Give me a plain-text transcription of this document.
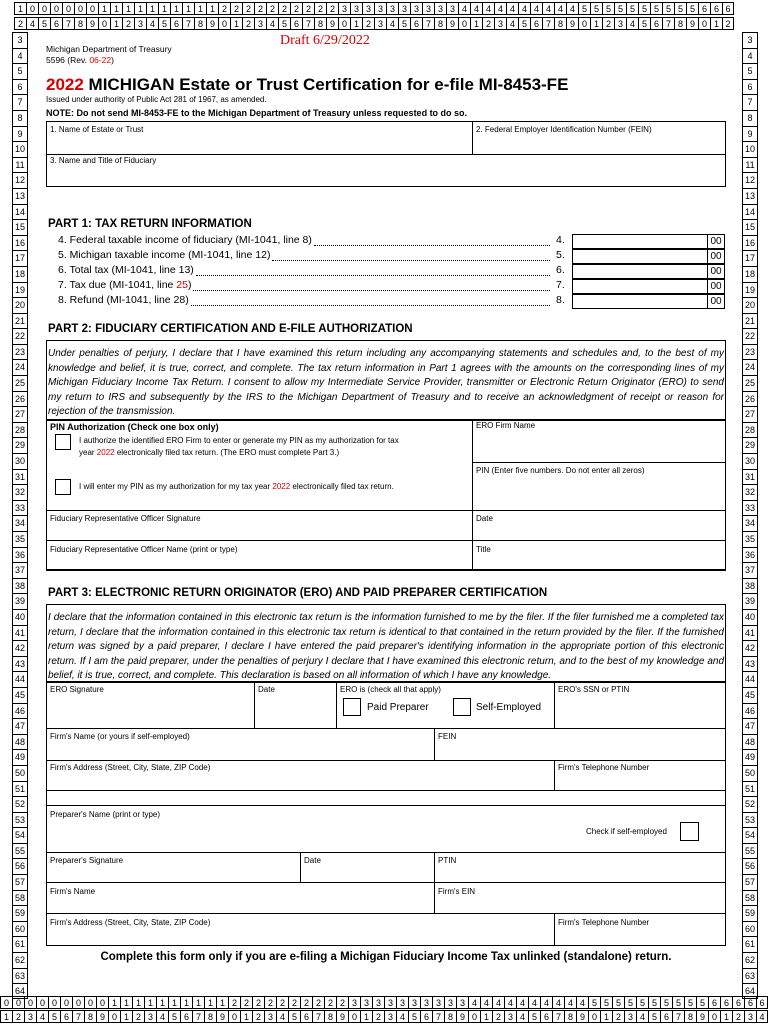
1 0 0 0 0 0 0 1 1 1 1 1 1 1 1 1 1 2 2 2 2 2 2 2 2 2 2 3 3 3 3 3 3 3 3 3 3 4 4 4 4 4 4 4 4 4 4 5 5 5 5 5 5 5 5 5 5 6 6 6
2 4 5 6 7 8 9 0 1 2 3 4 5 6 7 8 9 0 1 2 3 4 5 6 7 8 9 0 1 2 3 4 5 6 7 8 9 0 1 2 3 4 5 6 7 8 9 0 1 2 3 4 5 6 7 8 9 0 1 2
3
4
5
6
7
8
9
10
11
12
13
14
15
16
17
18
19
20
21
22
23
24
25
26
27
28
29
30
31
32
33
34
35
36
37
38
39
40
41
42
43
44
45
46
47
48
49
50
51
52
53
54
55
56
57
58
59
60
61
62
63
64
3
4
5
6
7
8
9
10
11
12
13
14
15
16
17
18
19
20
21
22
23
24
25
26
27
28
29
30
31
32
33
34
35
36
37
38
39
40
41
42
43
44
45
46
47
48
49
50
51
52
53
54
55
56
57
58
59
60
61
62
63
64
0 0 0 0 0 0 0 0 0 1 1 1 1 1 1 1 1 1 1 2 2 2 2 2 2 2 2 2 2 3 3 3 3 3 3 3 3 3 3 4 4 4 4 4 4 4 4 4 4 5 5 5 5 5 5 5 5 5 5 6 6 6 6 6
1 2 3 4 5 6 7 8 9 0 1 2 3 4 5 6 7 8 9 0 1 2 3 4 5 6 7 8 9 0 1 2 3 4 5 6 7 8 9 0 1 2 3 4 5 6 7 8 9 0 1 2 3 4 5 6 7 8 9 0 1 2 3 4
Draft 6/29/2022
Michigan Department of Treasury
5596 (Rev. 06-22)
2022 MICHIGAN Estate or Trust Certification for e-file MI-8453-FE
Issued under authority of Public Act 281 of 1967, as amended.
NOTE: Do not send MI-8453-FE to the Michigan Department of Treasury unless requested to do so.
1. Name of Estate or Trust	2. Federal Employer Identification Number (FEIN)
3. Name and Title of Fiduciary
PART 1: TAX RETURN INFORMATION
4. Federal taxable income of fiduciary (MI-1041, line 8)	4.	00
5. Michigan taxable income (MI-1041, line 12)	5.	00
6. Total tax (MI-1041, line 13)	6.	00
7. Tax due (MI-1041, line 25)	7.	00
8. Refund (MI-1041, line 28)	8.	00
PART 2: FIDUCIARY CERTIFICATION AND E-FILE AUTHORIZATION
Under penalties of perjury, I declare that I have examined this return including any accompanying statements and schedules and, to the best of my knowledge and belief, it is true, correct, and complete. The tax return information in Part 1 agrees with the amounts on the corresponding lines of my Michigan Fiduciary Income Tax Return. I consent to allow my Intermediate Service Provider, transmitter or Electronic Return Originator (ERO) to send my return to IRS and subsequently by the IRS to the Michigan Department of Treasury and to receive an acknowledgment of receipt or reason for rejection of the transmission.
PIN Authorization (Check one box only)
I authorize the identified ERO Firm to enter or generate my PIN as my authorization for tax
year 2022 electronically filed tax return. (The ERO must complete Part 3.)
I will enter my PIN as my authorization for my tax year 2022 electronically filed tax return.
ERO Firm Name
PIN (Enter five numbers. Do not enter all zeros)
Fiduciary Representative Officer Signature	Date
Fiduciary Representative Officer Name (print or type)	Title
PART 3: ELECTRONIC RETURN ORIGINATOR (ERO) AND PAID PREPARER CERTIFICATION
I declare that the information contained in this electronic tax return is the information furnished to me by the filer. If the filer furnished me a completed tax return, I declare that the information contained in this electronic tax return is identical to that contained in the return provided by the filer. If the furnished return was signed by a paid preparer, I declare I have entered the paid preparer's identifying information in the appropriate portion of this electronic return. If I am the paid preparer, under the penalties of perjury I declare that I have examined this electronic return, and to the best of my knowledge and belief, it is true, correct, and complete. This declaration is based on all information of which I have any knowledge.
ERO Signature	Date	ERO is (check all that apply)
Paid Preparer	Self-Employed
ERO's SSN or PTIN
Firm's Name (or yours if self-employed)	FEIN
Firm's Address (Street, City, State, ZIP Code)	Firm's Telephone Number
Preparer's Name (print or type)
Check if self-employed
Preparer's Signature	Date	PTIN
Firm's Name	Firm's EIN
Firm's Address (Street, City, State, ZIP Code)	Firm's Telephone Number
Complete this form only if you are e-filing a Michigan Fiduciary Income Tax unlinked (standalone) return.
